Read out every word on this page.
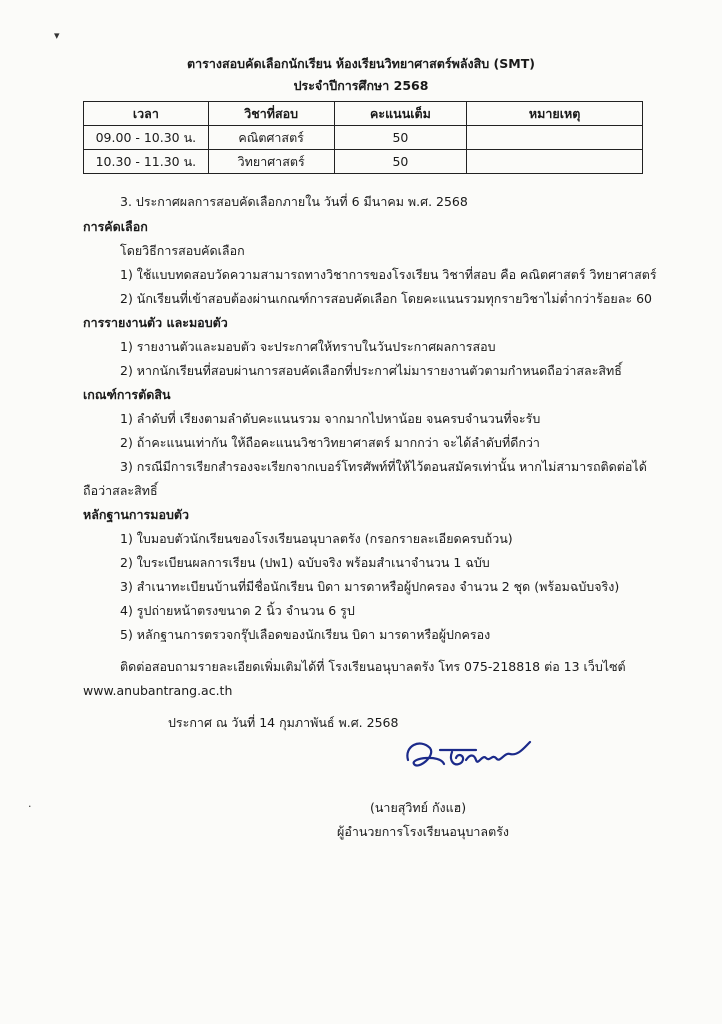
▾
ตารางสอบคัดเลือกนักเรียน ห้องเรียนวิทยาศาสตร์พลังสิบ (SMT)
ประจำปีการศึกษา 2568
เวลา	วิชาที่สอบ	คะแนนเต็ม	หมายเหตุ
09.00 - 10.30 น.	คณิตศาสตร์	50	
10.30 - 11.30 น.	วิทยาศาสตร์	50	
3. ประกาศผลการสอบคัดเลือกภายใน วันที่ 6 มีนาคม พ.ศ. 2568
การคัดเลือก
โดยวิธีการสอบคัดเลือก
1) ใช้แบบทดสอบวัดความสามารถทางวิชาการของโรงเรียน วิชาที่สอบ คือ คณิตศาสตร์ วิทยาศาสตร์
2) นักเรียนที่เข้าสอบต้องผ่านเกณฑ์การสอบคัดเลือก โดยคะแนนรวมทุกรายวิชาไม่ต่ำกว่าร้อยละ 60
การรายงานตัว และมอบตัว
1) รายงานตัวและมอบตัว จะประกาศให้ทราบในวันประกาศผลการสอบ
2) หากนักเรียนที่สอบผ่านการสอบคัดเลือกที่ประกาศไม่มารายงานตัวตามกำหนดถือว่าสละสิทธิ์
เกณฑ์การตัดสิน
1) ลำดับที่ เรียงตามลำดับคะแนนรวม จากมากไปหาน้อย จนครบจำนวนที่จะรับ
2) ถ้าคะแนนเท่ากัน ให้ถือคะแนนวิชาวิทยาศาสตร์ มากกว่า จะได้ลำดับที่ดีกว่า
3) กรณีมีการเรียกสำรองจะเรียกจากเบอร์โทรศัพท์ที่ให้ไว้ตอนสมัครเท่านั้น หากไม่สามารถติดต่อได้
ถือว่าสละสิทธิ์
หลักฐานการมอบตัว
1) ใบมอบตัวนักเรียนของโรงเรียนอนุบาลตรัง (กรอกรายละเอียดครบถ้วน)
2) ใบระเบียนผลการเรียน (ปพ1) ฉบับจริง พร้อมสำเนาจำนวน 1 ฉบับ
3) สำเนาทะเบียนบ้านที่มีชื่อนักเรียน บิดา มารดาหรือผู้ปกครอง จำนวน 2 ชุด (พร้อมฉบับจริง)
4) รูปถ่ายหน้าตรงขนาด 2 นิ้ว จำนวน 6 รูป
5) หลักฐานการตรวจกรุ๊ปเลือดของนักเรียน บิดา มารดาหรือผู้ปกครอง
ติดต่อสอบถามรายละเอียดเพิ่มเติมได้ที่ โรงเรียนอนุบาลตรัง โทร 075-218818 ต่อ 13 เว็บไซต์
www.anubantrang.ac.th
ประกาศ ณ วันที่ 14 กุมภาพันธ์ พ.ศ. 2568
·	(นายสุวิทย์ กังแฮ)
ผู้อำนวยการโรงเรียนอนุบาลตรัง
